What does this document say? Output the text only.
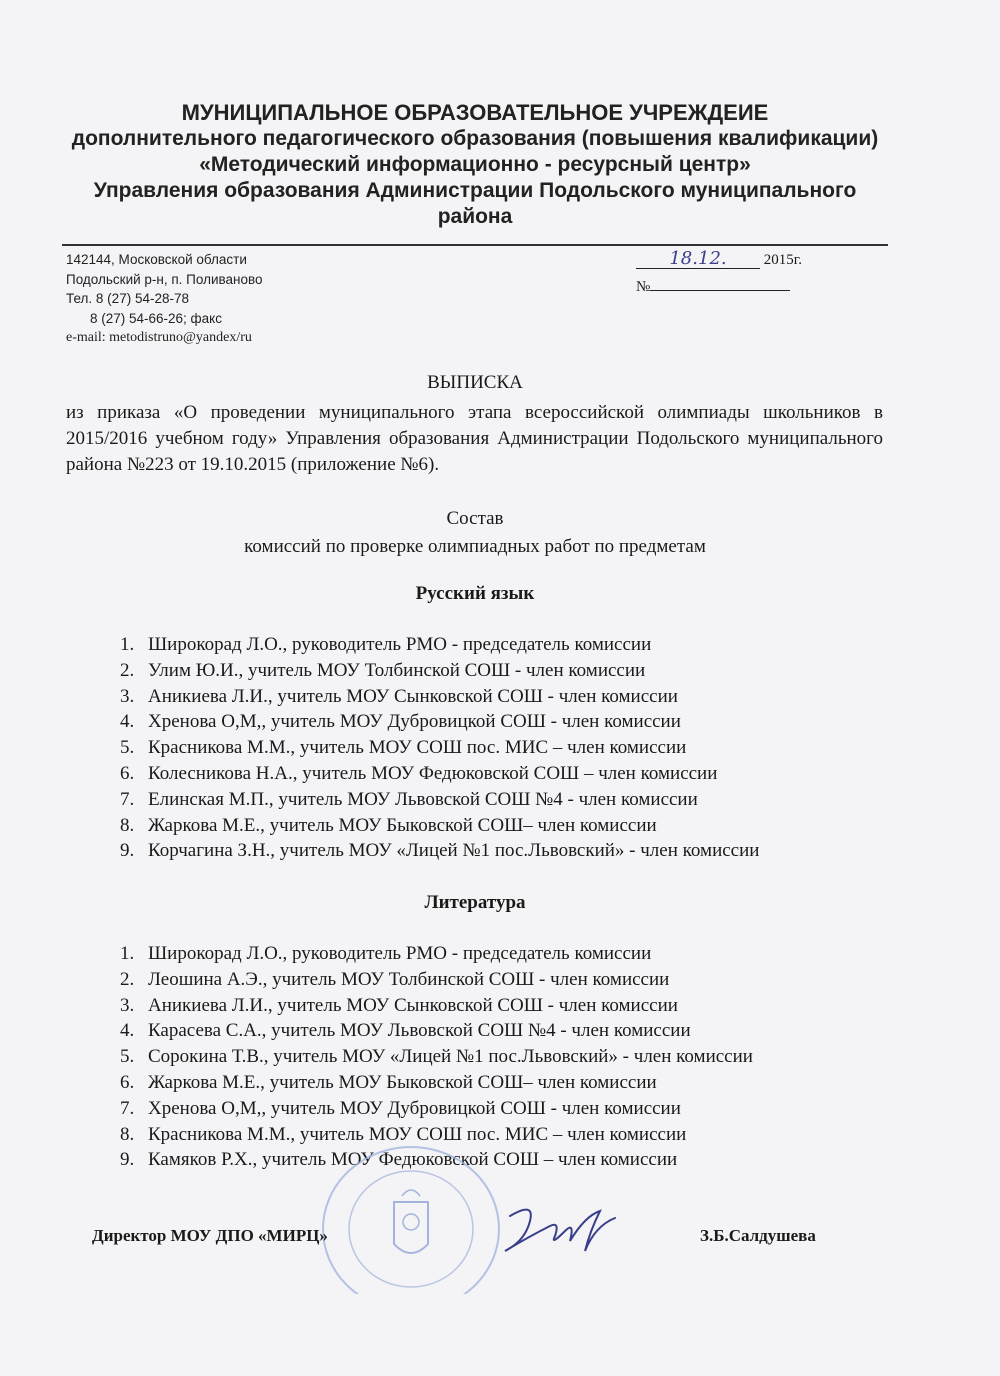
МУНИЦИПАЛЬНОЕ ОБРАЗОВАТЕЛЬНОЕ УЧРЕЖДЕИЕ
дополнительного педагогического образования (повышения квалификации)
«Методический информационно - ресурсный центр»
Управления образования Администрации Подольского муниципального района
142144, Московской области
Подольский р-н, п. Поливаново
Тел. 8 (27) 54-28-78
8 (27) 54-66-26; факс
e-mail: metodistruno@yandex/ru
18.12. 2015г.
№
ВЫПИСКА
из приказа «О проведении муниципального этапа всероссийской олимпиады школьников в 2015/2016 учебном году» Управления образования Администрации Подольского муниципального района №223 от 19.10.2015 (приложение №6).
Состав
комиссий по проверке олимпиадных работ по предметам
Русский язык
1. Широкорад Л.О., руководитель РМО - председатель комиссии
2. Улим Ю.И., учитель МОУ Толбинской СОШ - член комиссии
3. Аникиева Л.И., учитель МОУ Сынковской СОШ - член комиссии
4. Хренова О,М,, учитель МОУ Дубровицкой СОШ - член комиссии
5. Красникова М.М., учитель МОУ СОШ пос. МИС – член комиссии
6. Колесникова Н.А., учитель МОУ Федюковской СОШ – член комиссии
7. Елинская М.П., учитель МОУ Львовской СОШ №4 - член комиссии
8. Жаркова М.Е., учитель МОУ Быковской СОШ– член комиссии
9. Корчагина З.Н., учитель МОУ «Лицей №1 пос.Львовский» - член комиссии
Литература
1. Широкорад Л.О., руководитель РМО - председатель комиссии
2. Леошина А.Э., учитель МОУ Толбинской СОШ - член комиссии
3. Аникиева Л.И., учитель МОУ Сынковской СОШ - член комиссии
4. Карасева С.А., учитель МОУ Львовской СОШ №4 - член комиссии
5. Сорокина Т.В., учитель МОУ «Лицей №1 пос.Львовский» - член комиссии
6. Жаркова М.Е., учитель МОУ Быковской СОШ– член комиссии
7. Хренова О,М,, учитель МОУ Дубровицкой СОШ - член комиссии
8. Красникова М.М., учитель МОУ СОШ пос. МИС – член комиссии
9. Камяков Р.Х., учитель МОУ Федюковской СОШ – член комиссии
Директор МОУ ДПО «МИРЦ»	З.Б.Салдушева
